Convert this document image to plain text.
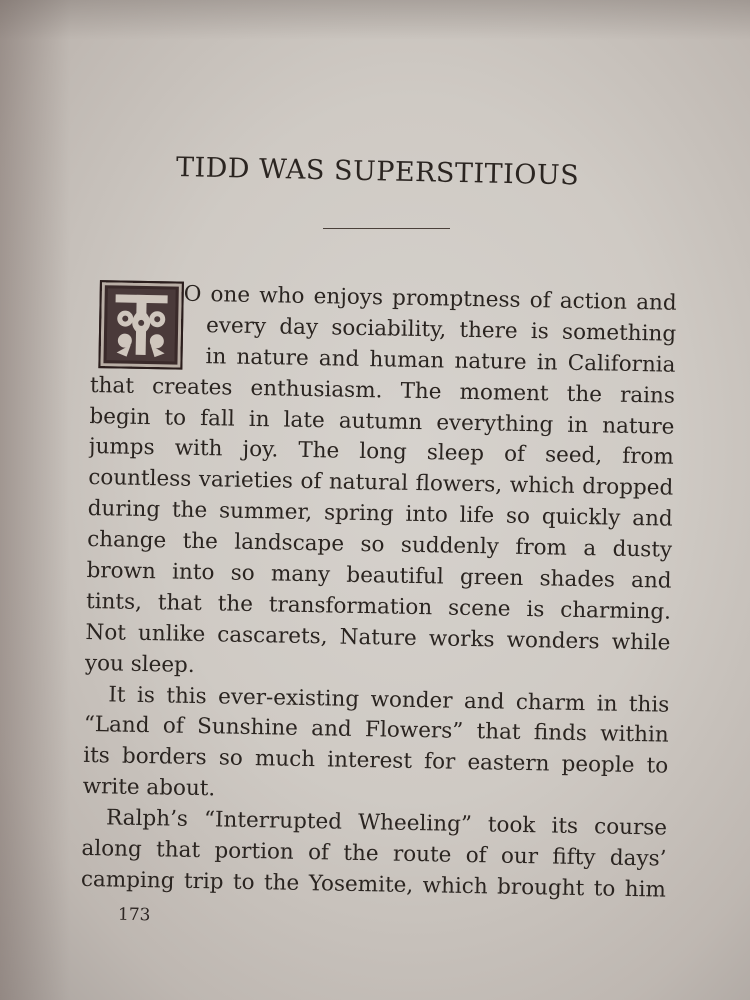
TIDD WAS SUPERSTITIOUS
O one who enjoys promptness of action and
every day sociability, there is something
in nature and human nature in California
that creates enthusiasm. The moment the rains
begin to fall in late autumn everything in nature
jumps with joy. The long sleep of seed, from
countless varieties of natural flowers, which dropped
during the summer, spring into life so quickly and
change the landscape so suddenly from a dusty
brown into so many beautiful green shades and
tints, that the transformation scene is charming.
Not unlike cascarets, Nature works wonders while
you sleep.
It is this ever-existing wonder and charm in this
“Land of Sunshine and Flowers” that finds within
its borders so much interest for eastern people to
write about.
Ralph’s “Interrupted Wheeling” took its course
along that portion of the route of our fifty days’
camping trip to the Yosemite, which brought to him
173
